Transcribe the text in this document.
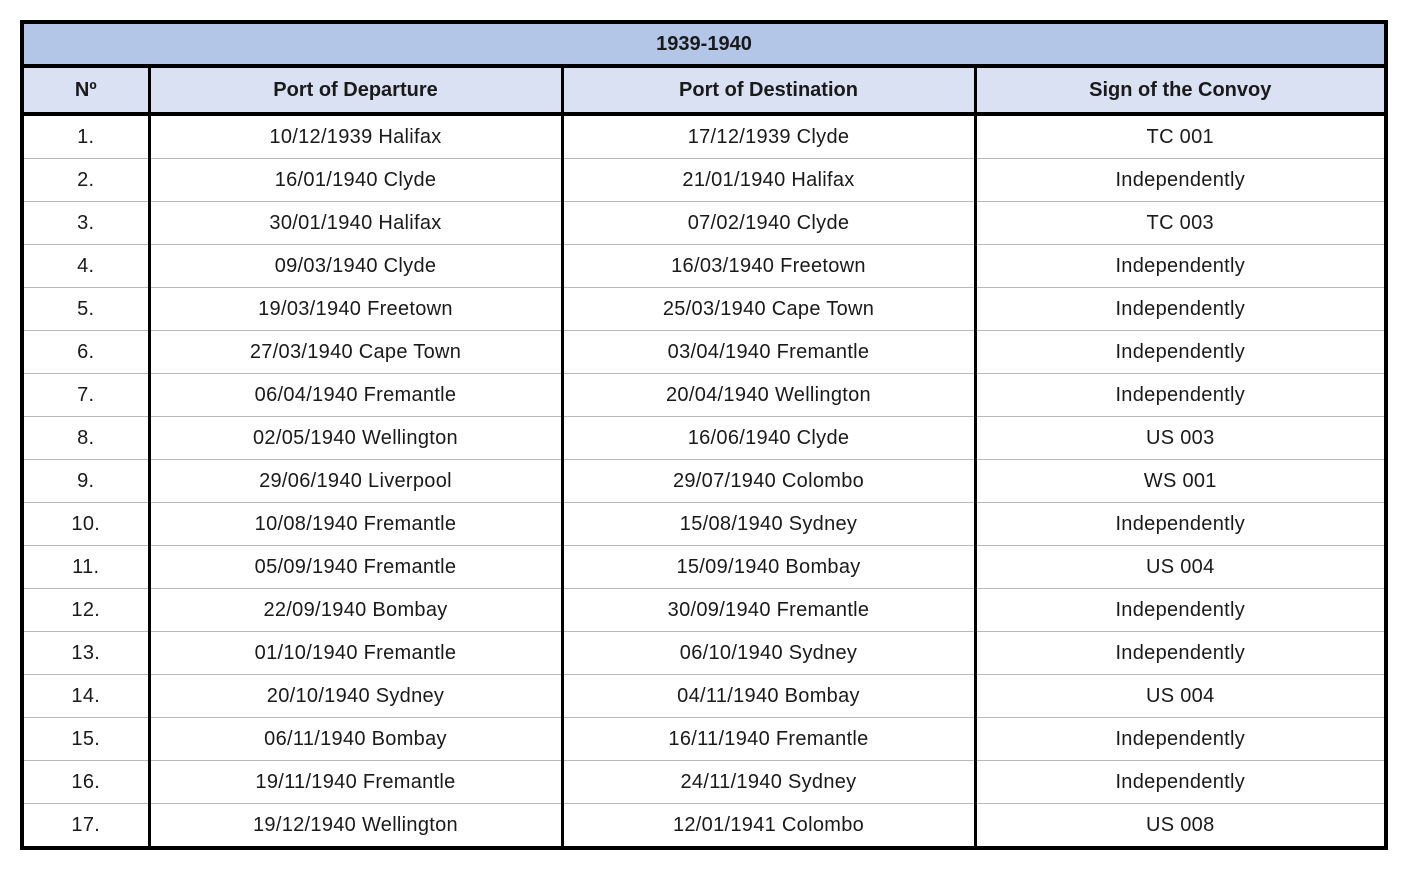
1939-1940
Nº	Port of Departure	Port of Destination	Sign of the Convoy
1.	10/12/1939 Halifax	17/12/1939 Clyde	TC 001
2.	16/01/1940 Clyde	21/01/1940 Halifax	Independently
3.	30/01/1940 Halifax	07/02/1940 Clyde	TC 003
4.	09/03/1940 Clyde	16/03/1940 Freetown	Independently
5.	19/03/1940 Freetown	25/03/1940 Cape Town	Independently
6.	27/03/1940 Cape Town	03/04/1940 Fremantle	Independently
7.	06/04/1940 Fremantle	20/04/1940 Wellington	Independently
8.	02/05/1940 Wellington	16/06/1940 Clyde	US 003
9.	29/06/1940 Liverpool	29/07/1940 Colombo	WS 001
10.	10/08/1940 Fremantle	15/08/1940 Sydney	Independently
11.	05/09/1940 Fremantle	15/09/1940 Bombay	US 004
12.	22/09/1940 Bombay	30/09/1940 Fremantle	Independently
13.	01/10/1940 Fremantle	06/10/1940 Sydney	Independently
14.	20/10/1940 Sydney	04/11/1940 Bombay	US 004
15.	06/11/1940 Bombay	16/11/1940 Fremantle	Independently
16.	19/11/1940 Fremantle	24/11/1940 Sydney	Independently
17.	19/12/1940 Wellington	12/01/1941 Colombo	US 008
